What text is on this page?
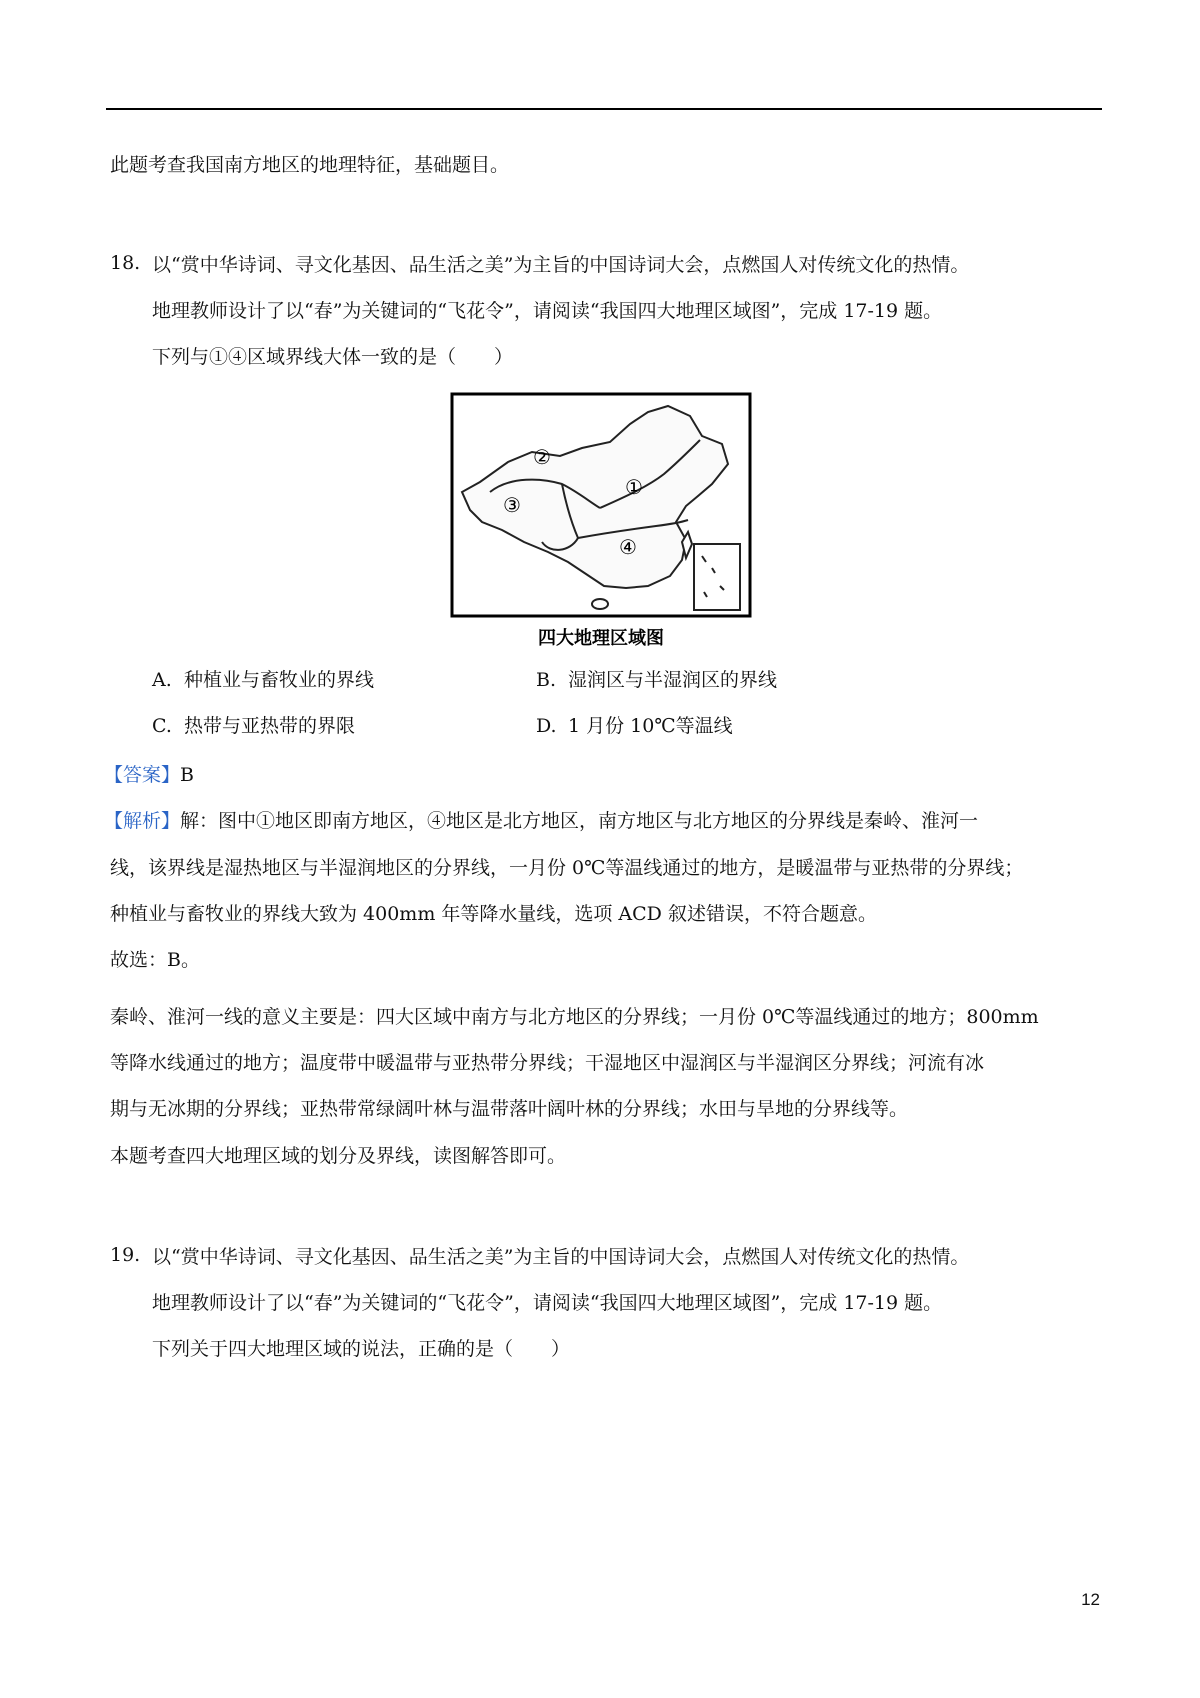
此题考查我国南方地区的地理特征，基础题目。
18. 以“赏中华诗词、寻文化基因、品生活之美”为主旨的中国诗词大会，点燃国人对传统文化的热情。
地理教师设计了以“春”为关键词的“飞花令”，请阅读“我国四大地理区域图”，完成 17-19 题。
下列与①④区域界线大体一致的是（　　）
②
③
①
④
四大地理区域图
A. 种植业与畜牧业的界线	B. 湿润区与半湿润区的界线
C. 热带与亚热带的界限	D. 1 月份 10℃等温线
【答案】B
【解析】解：图中①地区即南方地区，④地区是北方地区，南方地区与北方地区的分界线是秦岭、淮河一
线，该界线是湿热地区与半湿润地区的分界线，一月份 0℃等温线通过的地方，是暖温带与亚热带的分界线；
种植业与畜牧业的界线大致为 400mm 年等降水量线，选项 ACD 叙述错误，不符合题意。
故选：B。
秦岭、淮河一线的意义主要是：四大区域中南方与北方地区的分界线；一月份 0℃等温线通过的地方；800mm
等降水线通过的地方；温度带中暖温带与亚热带分界线；干湿地区中湿润区与半湿润区分界线；河流有冰
期与无冰期的分界线；亚热带常绿阔叶林与温带落叶阔叶林的分界线；水田与旱地的分界线等。
本题考查四大地理区域的划分及界线，读图解答即可。
19. 以“赏中华诗词、寻文化基因、品生活之美”为主旨的中国诗词大会，点燃国人对传统文化的热情。
地理教师设计了以“春”为关键词的“飞花令”，请阅读“我国四大地理区域图”，完成 17-19 题。
下列关于四大地理区域的说法，正确的是（　　）
12
